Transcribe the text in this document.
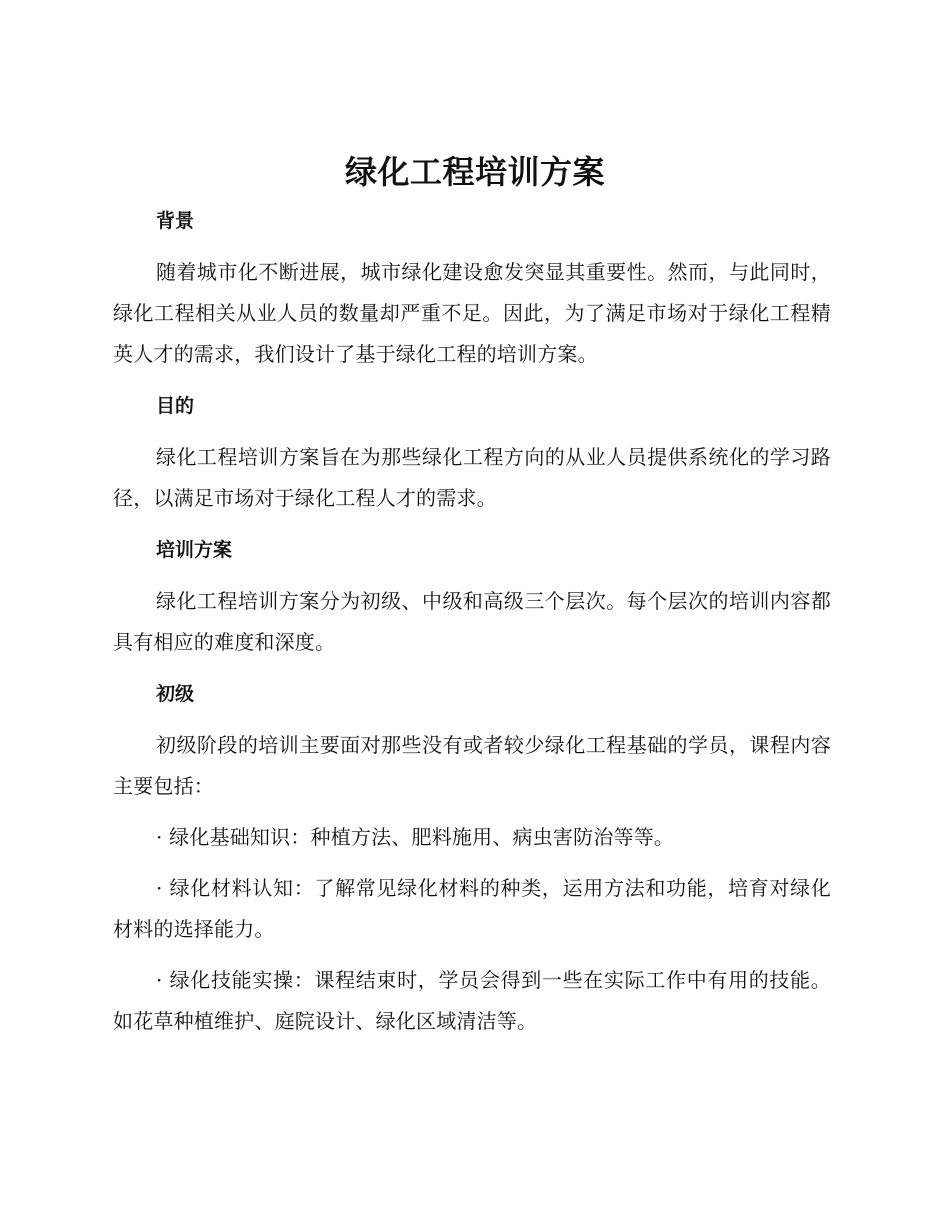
绿化工程培训方案

背景

随着城市化不断进展，城市绿化建设愈发突显其重要性。然而，与此同时，绿化工程相关从业人员的数量却严重不足。因此，为了满足市场对于绿化工程精英人才的需求，我们设计了基于绿化工程的培训方案。

目的

绿化工程培训方案旨在为那些绿化工程方向的从业人员提供系统化的学习路径，以满足市场对于绿化工程人才的需求。

培训方案

绿化工程培训方案分为初级、中级和高级三个层次。每个层次的培训内容都具有相应的难度和深度。

初级

初级阶段的培训主要面对那些没有或者较少绿化工程基础的学员，课程内容主要包括：

· 绿化基础知识：种植方法、肥料施用、病虫害防治等等。

· 绿化材料认知：了解常见绿化材料的种类，运用方法和功能，培育对绿化材料的选择能力。

· 绿化技能实操：课程结束时，学员会得到一些在实际工作中有用的技能。如花草种植维护、庭院设计、绿化区域清洁等。
